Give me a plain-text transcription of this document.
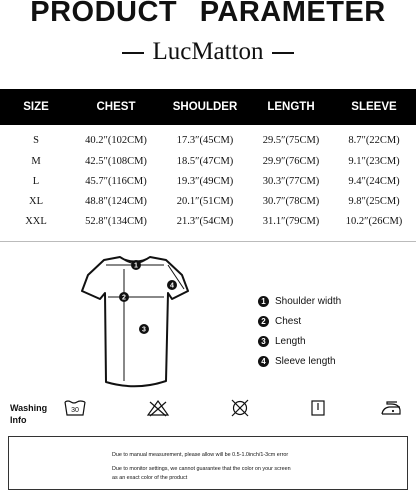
PRODUCT PARAMETER
LucMatton
SIZE	CHEST	SHOULDER	LENGTH	SLEEVE
S	40.2″(102CM)	17.3″(45CM)	29.5″(75CM)	8.7″(22CM)
M	42.5″(108CM)	18.5″(47CM)	29.9″(76CM)	9.1″(23CM)
L	45.7″(116CM)	19.3″(49CM)	30.3″(77CM)	9.4″(24CM)
XL	48.8″(124CM)	20.1″(51CM)	30.7″(78CM)	9.8″(25CM)
XXL	52.8″(134CM)	21.3″(54CM)	31.1″(79CM)	10.2″(26CM)
1
2
3
4
1 Shoulder width
2 Chest
3 Length
4 Sleeve length
Washing
Info
30
Due to manual measurement, please allow will be 0.5-1.0inch/1-3cm error
Due to monitor settings, we cannot guarantee that the color on your screen
as an exact color of the product
